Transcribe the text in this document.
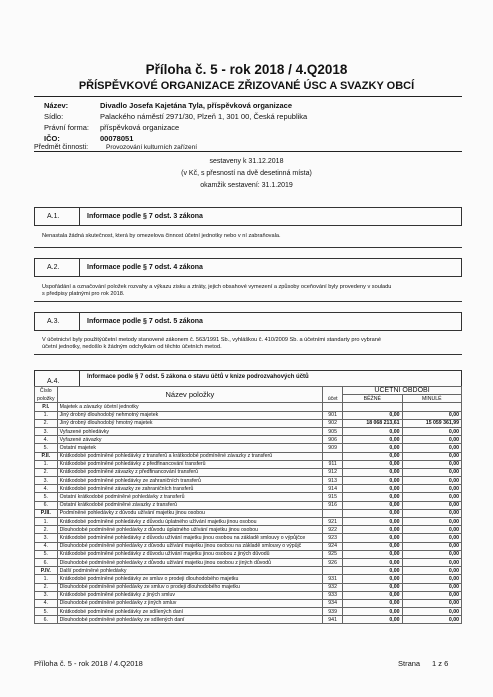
Příloha č. 5 - rok 2018 / 4.Q2018
PŘÍSPĚVKOVÉ ORGANIZACE ZŘIZOVANÉ ÚSC A SVAZKY OBCÍ
Název:	Divadlo Josefa Kajetána Tyla, příspěvková organizace
Sídlo:	Palackého náměstí 2971/30, Plzeň 1, 301 00, Česká republika
Právní forma: příspěvková organizace
IČO:	00078051
Předmět činnosti:	Provozování kulturních zařízení
sestaveny k 31.12.2018
(v Kč, s přesností na dvě desetinná místa)
okamžik sestavení: 31.1.2019
A.1.	Informace podle § 7 odst. 3 zákona
Nenastala žádná skutečnost, která by omezelova činnost účetní jednotky nebo v ní zabraňovala.
A.2.	Informace podle § 7 odst. 4 zákona
Uspořádání a označování položek rozvahy a výkazu zisku a ztráty, jejich obsahové vymezení a způsoby oceňování byly provedeny v souladu
s předpisy platnými pro rok 2018.
A.3.	Informace podle § 7 odst. 5 zákona
V účetnictví byly použitýúčetní metody stanovené zákonem č. 563/1991 Sb., vyhláškou č. 410/2009 Sb. a účetními standarty pro vybrané
účetní jednotky, nedošlo k žádným odchylkám od těchto účetních metod.
A.4.
Informace podle § 7 odst. 5 zákona o stavu účtů v knize podrozvahových účtů
Číslo	Název položky	účet	ÚČETNÍ OBDOBÍ	
položky			BĚŽNÉ	MINULÉ
P.I.	Majetek a závazky účetní jednotky			
1.	Jiný drobný dlouhodobý nehmotný majetek	901	0,00	0,00
2.	Jiný drobný dlouhodobý hmotný majetek	902	18 068 213,61	15 059 361,99
3.	Vyřazené pohledávky	905	0,00	0,00
4.	Vyřazené závazky	906	0,00	0,00
5.	Ostatní majetek	909	0,00	0,00
P.II.	Krátkodobé podmíněné pohledávky z transferů a krátkodobé podmíněné závazky z transferů		0,00	0,00
1.	Krátkodobé podmíněné pohledávky z předfinancování transferů	911	0,00	0,00
2.	Krátkodobé podmíněné závazky z předfinancování transferů	912	0,00	0,00
3.	Krátkodobé podmíněné pohledávky ze zahraničních transferů	913	0,00	0,00
4.	Krátkodobé podmíněné závazky ze zahraničních transferů	914	0,00	0,00
5.	Ostatní krátkodobé podmíněné pohledávky z transferů	915	0,00	0,00
6.	Ostatní krátkodobé podmíněné závazky z transferů	916	0,00	0,00
P.III.	Podmíněné pohledávky z důvodu užívání majetku jinou osobou		0,00	0,00
1.	Krátkodobé podmíněné pohledávky z důvodu úplatného užívání majetku jinou osobou	921	0,00	0,00
2.	Dlouhodobé podmíněné pohledávky z důvodu úplatného užívání majetku jinou osobou	922	0,00	0,00
3.	Krátkodobé podmíněné pohledávky z důvodu užívání majetku jinou osobou na základě smlouvy o výpůjčce	923	0,00	0,00
4.	Dlouhodobé podmíněné pohledávky z důvodu užívání majetku jinou osobou na základě smlouvy o výpůjč	924	0,00	0,00
5.	Krátkodobé podmíněné pohledávky z důvodu užívání majetku jinou osobou z jiných důvodů	925	0,00	0,00
6.	Dlouhodobé podmíněné pohledávky z důvodu užívání majetku jinou osobou z jiných důvodů	926	0,00	0,00
P.IV.	Další podmíněné pohledávky		0,00	0,00
1.	Krátkodobé podmíněné pohledávky ze smluv o prodeji dlouhodobého majetku	931	0,00	0,00
2.	Dlouhodobé podmíněné pohledávky ze smluv o prodeji dlouhodobého majetku	932	0,00	0,00
3.	Krátkodobé podmíněné pohledávky z jiných smluv	933	0,00	0,00
4.	Dlouhodobé podmíněné pohledávky z jiných smluv	934	0,00	0,00
5.	Krátkodobé podmíněné pohledávky ze sdílených daní	939	0,00	0,00
6.	Dlouhodobé podmíněné pohledávky ze sdílených daní	941	0,00	0,00
Příloha č. 5 - rok 2018 / 4.Q2018	Strana 1 z 6
